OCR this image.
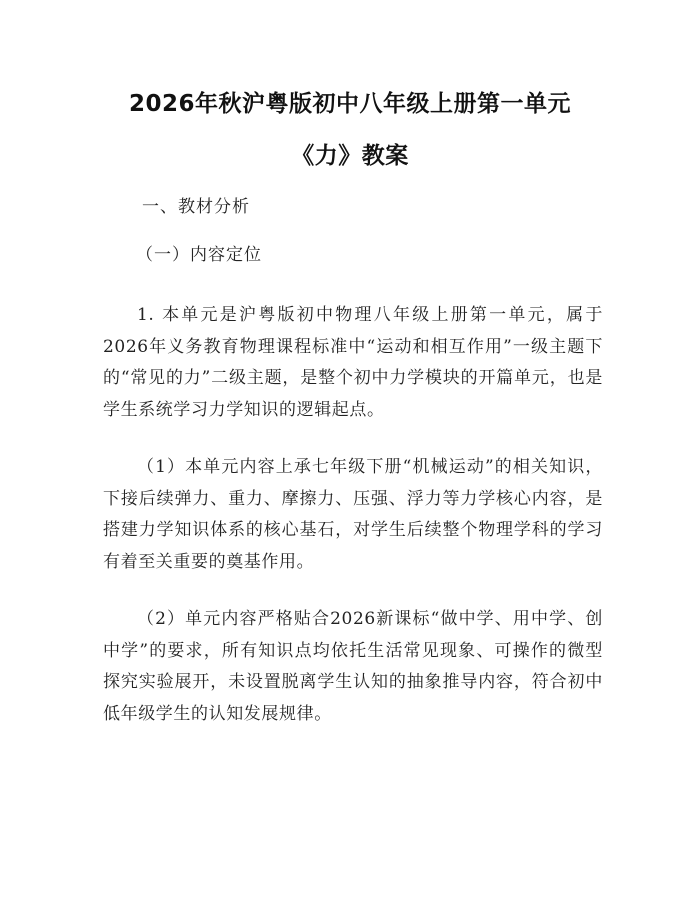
2026年秋沪粤版初中八年级上册第一单元
《力》教案
一、教材分析
（一）内容定位

1. 本单元是沪粤版初中物理八年级上册第一单元，属于2026年义务教育物理课程标准中“运动和相互作用”一级主题下的“常见的力”二级主题，是整个初中力学模块的开篇单元，也是学生系统学习力学知识的逻辑起点。

（1）本单元内容上承七年级下册“机械运动”的相关知识，下接后续弹力、重力、摩擦力、压强、浮力等力学核心内容，是搭建力学知识体系的核心基石，对学生后续整个物理学科的学习有着至关重要的奠基作用。

（2）单元内容严格贴合2026新课标“做中学、用中学、创中学”的要求，所有知识点均依托生活常见现象、可操作的微型探究实验展开，未设置脱离学生认知的抽象推导内容，符合初中低年级学生的认知发展规律。
